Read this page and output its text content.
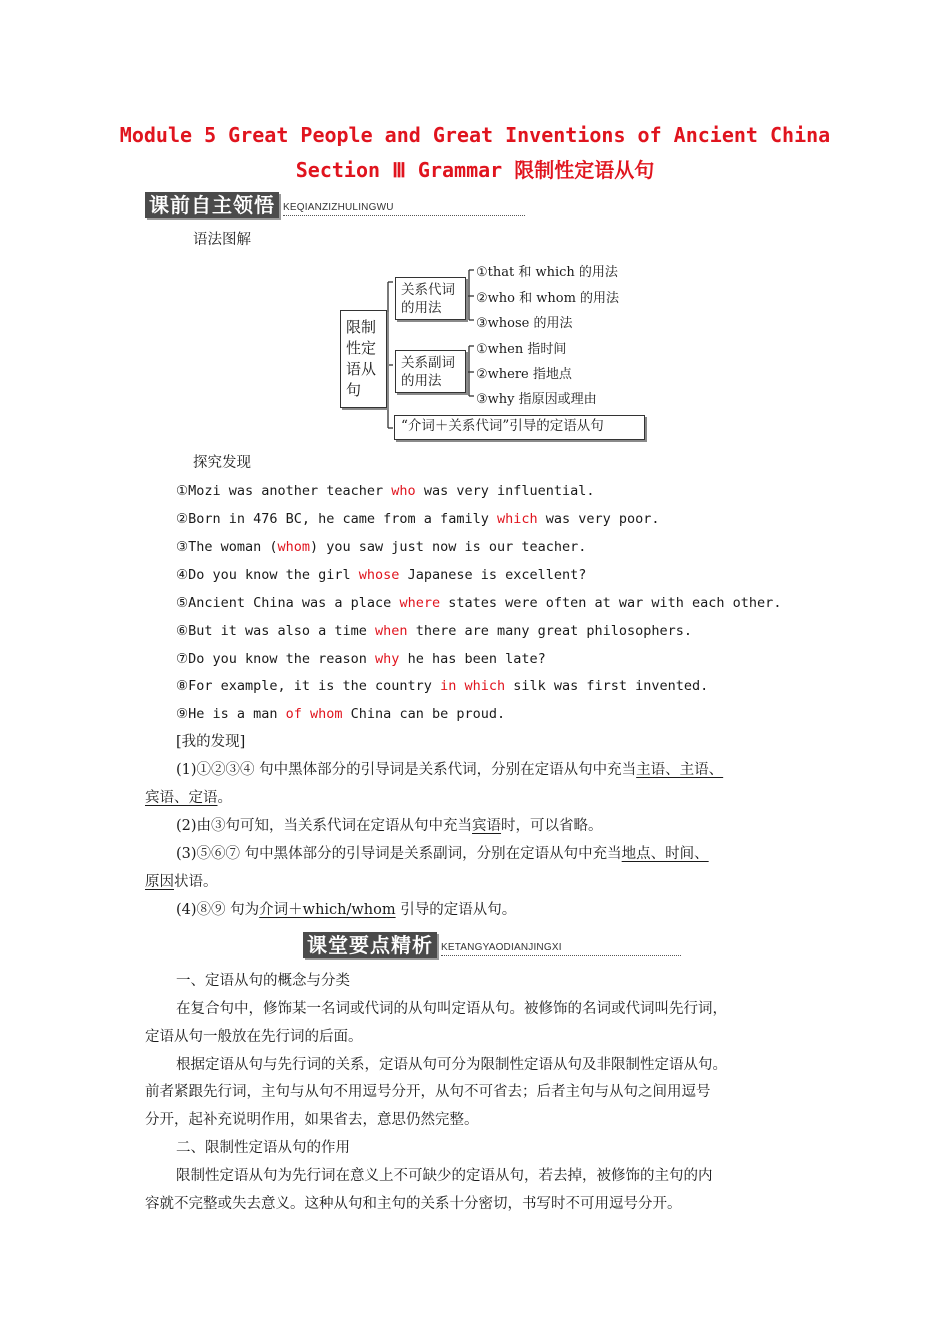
Module 5 Great People and Great Inventions of Ancient China
Section Ⅲ Grammar 限制性定语从句
课前自主领悟 KEQIANZIZHULINGWU
语法图解
限制性定语从句
关系代词的用法
关系副词的用法
“介词＋关系代词”引导的定语从句
①that 和 which 的用法
②who 和 whom 的用法
③whose 的用法
①when 指时间
②where 指地点
③why 指原因或理由
探究发现
①Mozi was another teacher who was very influential.
②Born in 476 BC, he came from a family which was very poor.
③The woman (whom) you saw just now is our teacher.
④Do you know the girl whose Japanese is excellent?
⑤Ancient China was a place where states were often at war with each other.
⑥But it was also a time when there are many great philosophers.
⑦Do you know the reason why he has been late?
⑧For example, it is the country in which silk was first invented.
⑨He is a man of whom China can be proud.
[我的发现]
(1)①②③④ 句中黑体部分的引导词是关系代词，分别在定语从句中充当主语、主语、
宾语、定语。
(2)由③句可知，当关系代词在定语从句中充当宾语时，可以省略。
(3)⑤⑥⑦ 句中黑体部分的引导词是关系副词，分别在定语从句中充当地点、时间、
原因状语。
(4)⑧⑨ 句为介词＋which/whom 引导的定语从句。
课堂要点精析 KETANGYAODIANJINGXI
一、定语从句的概念与分类
在复合句中，修饰某一名词或代词的从句叫定语从句。被修饰的名词或代词叫先行词，
定语从句一般放在先行词的后面。
根据定语从句与先行词的关系，定语从句可分为限制性定语从句及非限制性定语从句。
前者紧跟先行词，主句与从句不用逗号分开，从句不可省去；后者主句与从句之间用逗号
分开，起补充说明作用，如果省去，意思仍然完整。
二、限制性定语从句的作用
限制性定语从句为先行词在意义上不可缺少的定语从句，若去掉，被修饰的主句的内
容就不完整或失去意义。这种从句和主句的关系十分密切，书写时不可用逗号分开。
